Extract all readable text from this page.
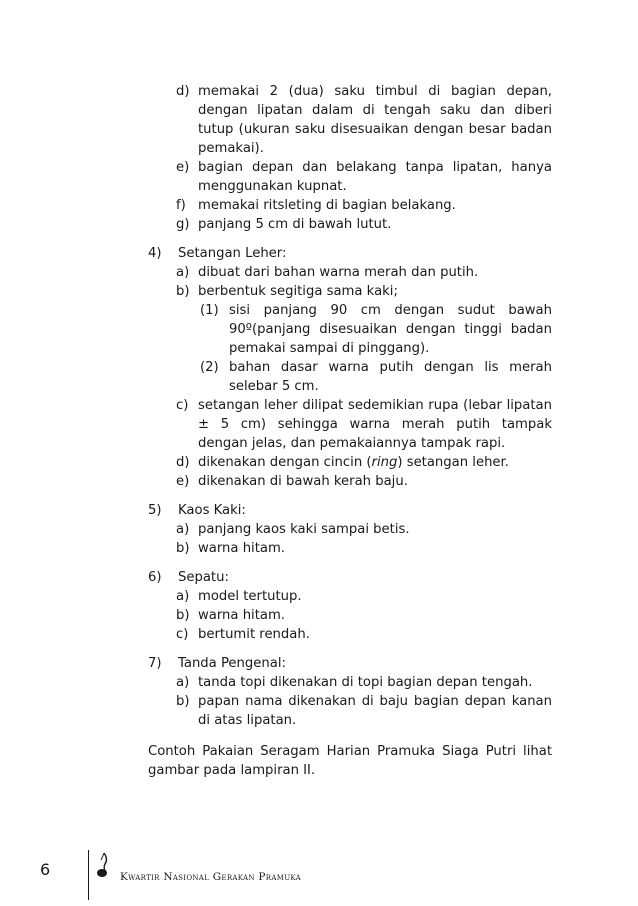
d) memakai 2 (dua) saku timbul di bagian depan, dengan lipatan dalam di tengah saku dan diberi tutup (ukuran saku disesuaikan dengan besar badan pemakai).
e) bagian depan dan belakang tanpa lipatan, hanya menggunakan kupnat.
f) memakai ritsleting di bagian belakang.
g) panjang 5 cm di bawah lutut.
4) Setangan Leher:
a) dibuat dari bahan warna merah dan putih.
b) berbentuk segitiga sama kaki;
(1) sisi panjang 90 cm dengan sudut bawah 90º(panjang disesuaikan dengan tinggi badan pemakai sampai di pinggang).
(2) bahan dasar warna putih dengan lis merah selebar 5 cm.
c) setangan leher dilipat sedemikian rupa (lebar lipatan ± 5 cm) sehingga warna merah putih tampak dengan jelas, dan pemakaiannya tampak rapi.
d) dikenakan dengan cincin (ring) setangan leher.
e) dikenakan di bawah kerah baju.
5) Kaos Kaki:
a) panjang kaos kaki sampai betis.
b) warna hitam.
6) Sepatu:
a) model tertutup.
b) warna hitam.
c) bertumit rendah.
7) Tanda Pengenal:
a) tanda topi dikenakan di topi bagian depan tengah.
b) papan nama dikenakan di baju bagian depan kanan di atas lipatan.
Contoh Pakaian Seragam Harian Pramuka Siaga Putri lihat gambar pada lampiran II.
6	Kwartir Nasional Gerakan Pramuka
